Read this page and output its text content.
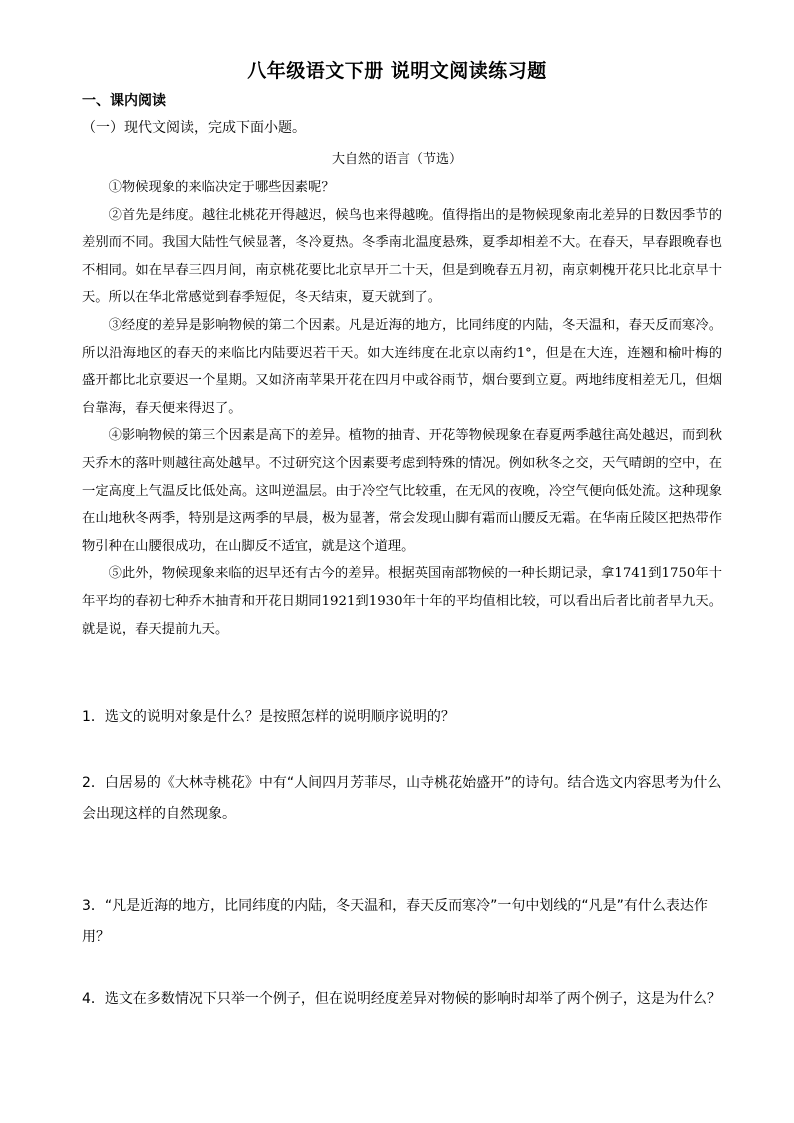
八年级语文下册 说明文阅读练习题
一、课内阅读
（一）现代文阅读，完成下面小题。
大自然的语言（节选）

①物候现象的来临决定于哪些因素呢？

②首先是纬度。越往北桃花开得越迟，候鸟也来得越晚。值得指出的是物候现象南北差异的日数因季节的差别而不同。我国大陆性气候显著，冬冷夏热。冬季南北温度悬殊，夏季却相差不大。在春天，早春跟晚春也不相同。如在早春三四月间，南京桃花要比北京早开二十天，但是到晚春五月初，南京刺槐开花只比北京早十天。所以在华北常感觉到春季短促，冬天结束，夏天就到了。

③经度的差异是影响物候的第二个因素。凡是近海的地方，比同纬度的内陆，冬天温和，春天反而寒冷。所以沿海地区的春天的来临比内陆要迟若干天。如大连纬度在北京以南约1°，但是在大连，连翘和榆叶梅的盛开都比北京要迟一个星期。又如济南苹果开花在四月中或谷雨节，烟台要到立夏。两地纬度相差无几，但烟台靠海，春天便来得迟了。

④影响物候的第三个因素是高下的差异。植物的抽青、开花等物候现象在春夏两季越往高处越迟，而到秋天乔木的落叶则越往高处越早。不过研究这个因素要考虑到特殊的情况。例如秋冬之交，天气晴朗的空中，在一定高度上气温反比低处高。这叫逆温层。由于冷空气比较重，在无风的夜晚，冷空气便向低处流。这种现象在山地秋冬两季，特别是这两季的早晨，极为显著，常会发现山脚有霜而山腰反无霜。在华南丘陵区把热带作物引种在山腰很成功，在山脚反不适宜，就是这个道理。

⑤此外，物候现象来临的迟早还有古今的差异。根据英国南部物候的一种长期记录，拿1741到1750年十年平均的春初七种乔木抽青和开花日期同1921到1930年十年的平均值相比较，可以看出后者比前者早九天。就是说，春天提前九天。

1．选文的说明对象是什么？是按照怎样的说明顺序说明的？

2．白居易的《大林寺桃花》中有“人间四月芳菲尽，山寺桃花始盛开”的诗句。结合选文内容思考为什么会出现这样的自然现象。

3．“凡是近海的地方，比同纬度的内陆，冬天温和，春天反而寒冷”一句中划线的“凡是”有什么表达作用？

4．选文在多数情况下只举一个例子，但在说明经度差异对物候的影响时却举了两个例子，这是为什么？
